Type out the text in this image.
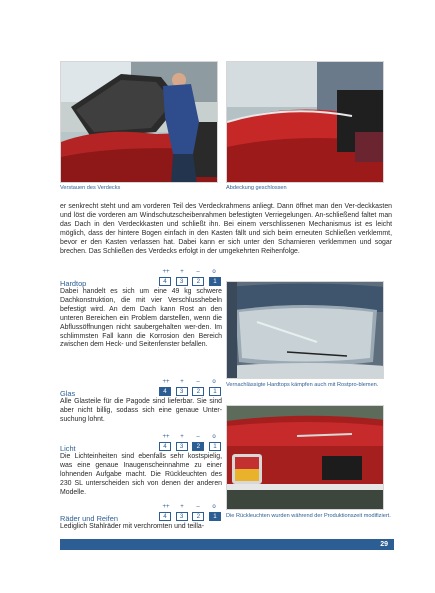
Verstauen des Verdecks	Abdeckung geschlossen
er senkrecht steht und am vorderen Teil des Verdeckrahmens anliegt. Dann öffnet man den Ver-deckkasten und löst die vorderen am Windschutzscheibenrahmen befestigten Verriegelungen. An-schließend faltet man das Dach in den Verdeckkasten und schließt ihn. Bei einem verschlissenen Mechanismus ist es leicht möglich, dass der hintere Bogen einfach in den Kasten fällt und sich beim erneuten Schließen verklemmt, bevor er den Kasten verlassen hat. Dabei kann er sich unter den Scharnieren verklemmen und sogar brechen. Das Schließen des Verdecks erfolgt in der umgekehrten Reihenfolge.
Hardtop
++	+	–	o
4	3	2	1
Dabei handelt es sich um eine 49 kg schwere Dachkonstruktion, die mit vier Verschlusshebeln befestigt wird. An dem Dach kann Rost an den unteren Bereichen ein Problem darstellen, wenn die Abflussöffnungen nicht saubergehalten wer-den. Im schlimmsten Fall kann die Korrosion den Bereich zwischen dem Heck- und Seitenfenster befallen.
Glas
++	+	–	o
4	3	2	1
Alle Glasteile für die Pagode sind lieferbar. Sie sind aber nicht billig, sodass sich eine genaue Unter-suchung lohnt.
Licht
++	+	–	o
4	3	2	1
Die Lichteinheiten sind ebenfalls sehr kostspielig, was eine genaue Inaugenscheinnahme zu einer lohnenden Aufgabe macht. Die Rückleuchten des 230 SL unterscheiden sich von denen der anderen Modelle.
Räder und Reifen
++	+	–	o
4	3	2	1
Lediglich Stahlräder mit verchromten und teilla-
Vernachlässigte Hardtops kämpfen auch mit Rostpro-blemen.
Die Rückleuchten wurden während der Produktionszeit modifiziert.
29
